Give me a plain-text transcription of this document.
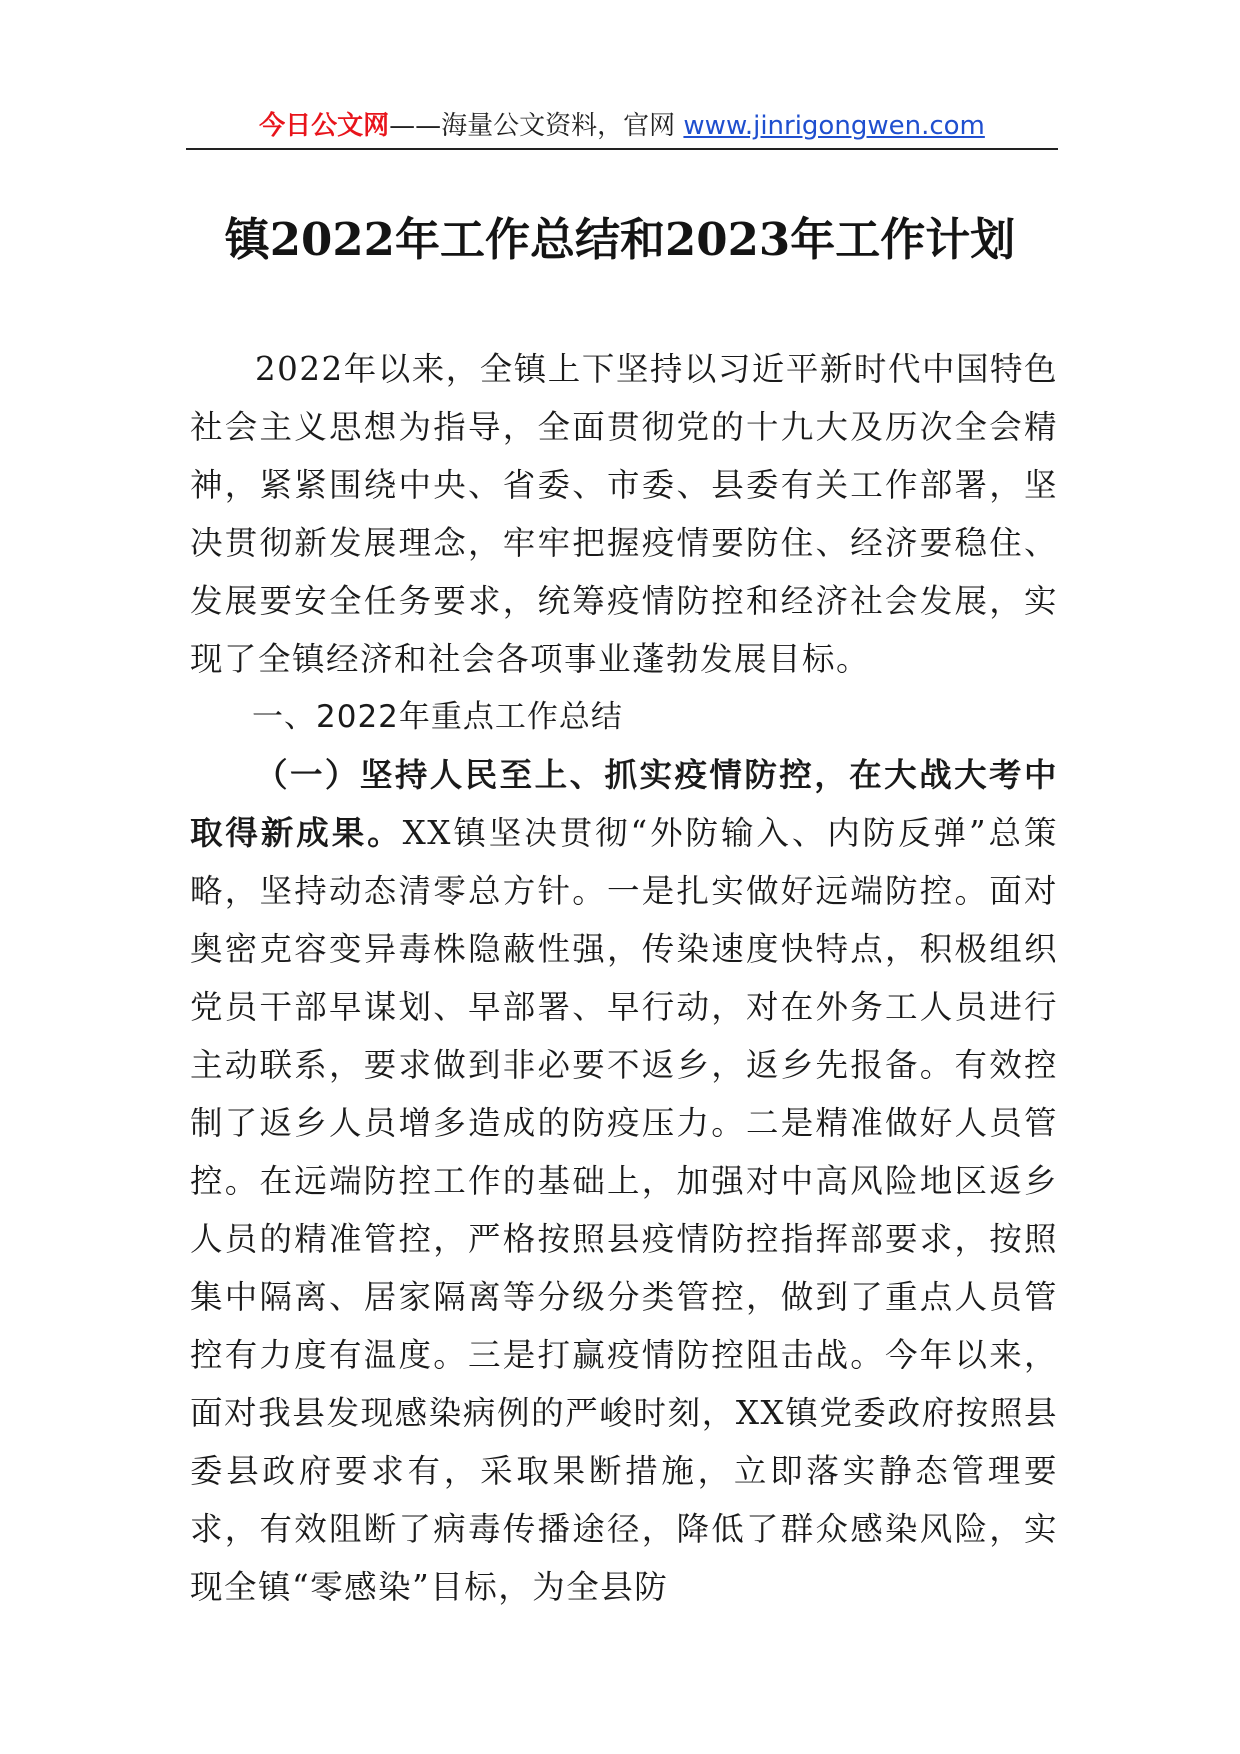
今日公文网——海量公文资料，官网 www.jinrigongwen.com
镇2022年工作总结和2023年工作计划

2022年以来，全镇上下坚持以习近平新时代中国特色社会主义思想为指导，全面贯彻党的十九大及历次全会精神，紧紧围绕中央、省委、市委、县委有关工作部署，坚决贯彻新发展理念，牢牢把握疫情要防住、经济要稳住、发展要安全任务要求，统筹疫情防控和经济社会发展，实现了全镇经济和社会各项事业蓬勃发展目标。

一、2022年重点工作总结

（一）坚持人民至上、抓实疫情防控，在大战大考中取得新成果。XX镇坚决贯彻“外防输入、内防反弹”总策略，坚持动态清零总方针。一是扎实做好远端防控。面对奥密克容变异毒株隐蔽性强，传染速度快特点，积极组织党员干部早谋划、早部署、早行动，对在外务工人员进行主动联系，要求做到非必要不返乡，返乡先报备。有效控制了返乡人员增多造成的防疫压力。二是精准做好人员管控。在远端防控工作的基础上，加强对中高风险地区返乡人员的精准管控，严格按照县疫情防控指挥部要求，按照集中隔离、居家隔离等分级分类管控，做到了重点人员管控有力度有温度。三是打赢疫情防控阻击战。今年以来，面对我县发现感染病例的严峻时刻，XX镇党委政府按照县委县政府要求有，采取果断措施，立即落实静态管理要求，有效阻断了病毒传播途径，降低了群众感染风险，实现全镇“零感染”目标，为全县防
